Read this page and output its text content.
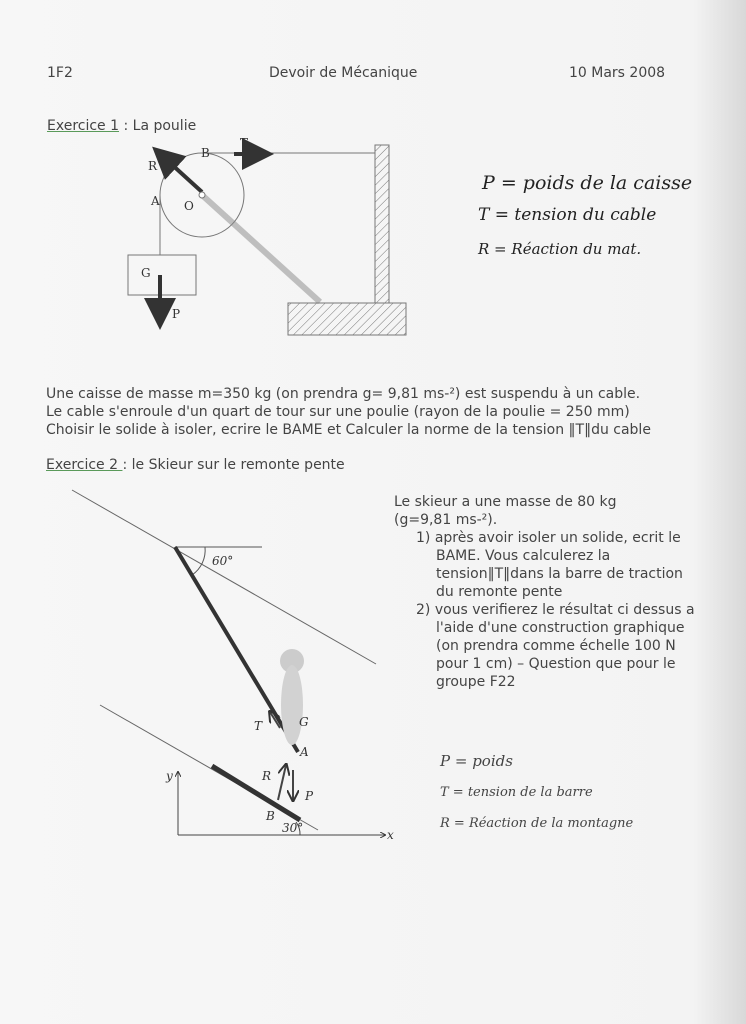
1F2	Devoir de Mécanique	10 Mars 2008
Exercice 1 : La poulie
R
B
T
A O
G
P
60°
T	G
A
R
P
B
30°
y
x
P = poids de la caisse
T = tension du cable
R = Réaction du mat.
Une caisse de masse m=350 kg (on prendra g= 9,81 ms-²) est suspendu à un cable.
Le cable s'enroule d'un quart de tour sur une poulie (rayon de la poulie = 250 mm)
Choisir le solide à isoler, ecrire le BAME et Calculer la norme de la tension ‖T‖du cable
Exercice 2 : le Skieur sur le remonte pente

Le skieur a une masse de 80 kg

(g=9,81 ms-²).

1) après avoir isoler un solide, ecrit le BAME. Vous calculerez la tension‖T‖dans la barre de traction du remonte pente

2) vous verifierez le résultat ci dessus a l'aide d'une construction graphique (on prendra comme échelle 100 N pour 1 cm) – Question que pour le groupe F22

P = poids
T = tension de la barre
R = Réaction de la montagne
